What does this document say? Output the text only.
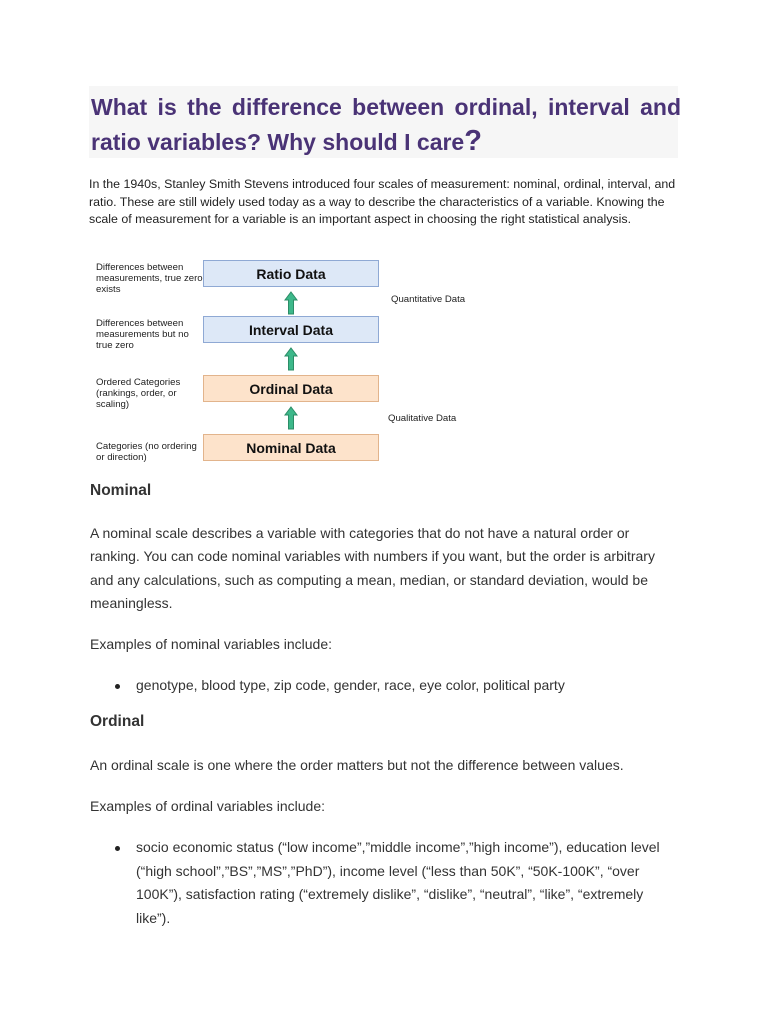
What is the difference between ordinal, interval and ratio variables? Why should I care?

In the 1940s, Stanley Smith Stevens introduced four scales of measurement: nominal, ordinal, interval, and ratio. These are still widely used today as a way to describe the characteristics of a variable. Knowing the scale of measurement for a variable is an important aspect in choosing the right statistical analysis.

Differences between measurements, true zero exists
Ratio Data
Differences between measurements but no true zero
Interval Data
Ordered Categories (rankings, order, or scaling)
Ordinal Data
Categories (no ordering or direction)
Nominal Data
Quantitative Data
Qualitative Data
Nominal

A nominal scale describes a variable with categories that do not have a natural order or ranking. You can code nominal variables with numbers if you want, but the order is arbitrary and any calculations, such as computing a mean, median, or standard deviation, would be meaningless.

Examples of nominal variables include:

genotype, blood type, zip code, gender, race, eye color, political party

Ordinal

An ordinal scale is one where the order matters but not the difference between values.

Examples of ordinal variables include:

socio economic status (“low income”,”middle income”,”high income”), education level (“high school”,”BS”,”MS”,”PhD”), income level (“less than 50K”, “50K-100K”, “over 100K”), satisfaction rating (“extremely dislike”, “dislike”, “neutral”, “like”, “extremely like”).
